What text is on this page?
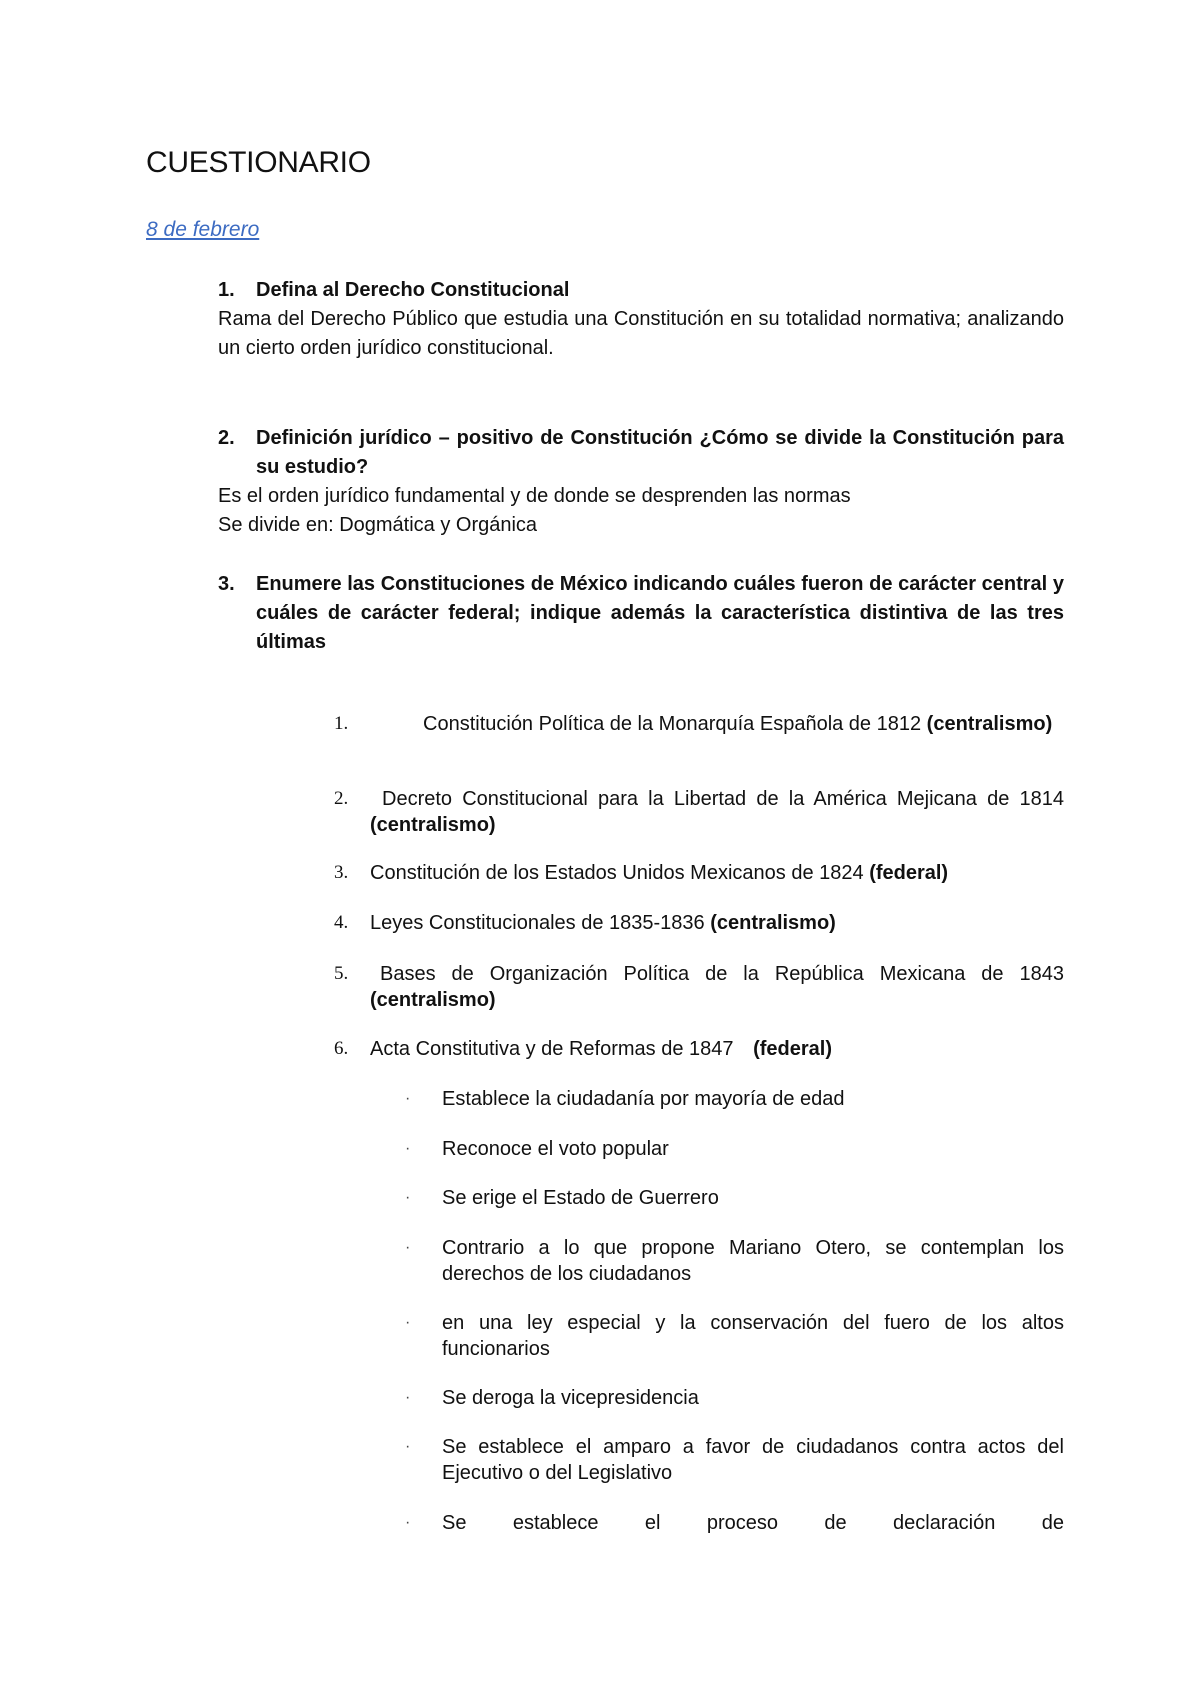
CUESTIONARIO
8 de febrero
1. Defina al Derecho Constitucional
Rama del Derecho Público que estudia una Constitución en su totalidad normativa; analizando un cierto orden jurídico constitucional.
2. Definición jurídico – positivo de Constitución ¿Cómo se divide la Constitución para su estudio?
Es el orden jurídico fundamental y de donde se desprenden las normas
Se divide en: Dogmática y Orgánica
3. Enumere las Constituciones de México indicando cuáles fueron de carácter central y cuáles de carácter federal; indique además la característica distintiva de las tres últimas
1.	Constitución Política de la Monarquía Española de 1812 (centralismo)
2.	Decreto Constitucional para la Libertad de la América Mejicana de 1814 (centralismo)
3. Constitución de los Estados Unidos Mexicanos de 1824 (federal)
4. Leyes Constitucionales de 1835-1836 (centralismo)
5.	Bases de Organización Política de la República Mexicana de 1843 (centralismo)
6. Acta Constitutiva y de Reformas de 1847 (federal)
· Establece la ciudadanía por mayoría de edad
· Reconoce el voto popular
· Se erige el Estado de Guerrero
· Contrario a lo que propone Mariano Otero, se contemplan los derechos de los ciudadanos
· en una ley especial y la conservación del fuero de los altos funcionarios
· Se deroga la vicepresidencia
· Se establece el amparo a favor de ciudadanos contra actos del Ejecutivo o del Legislativo
· Se establece el proceso de declaración de
